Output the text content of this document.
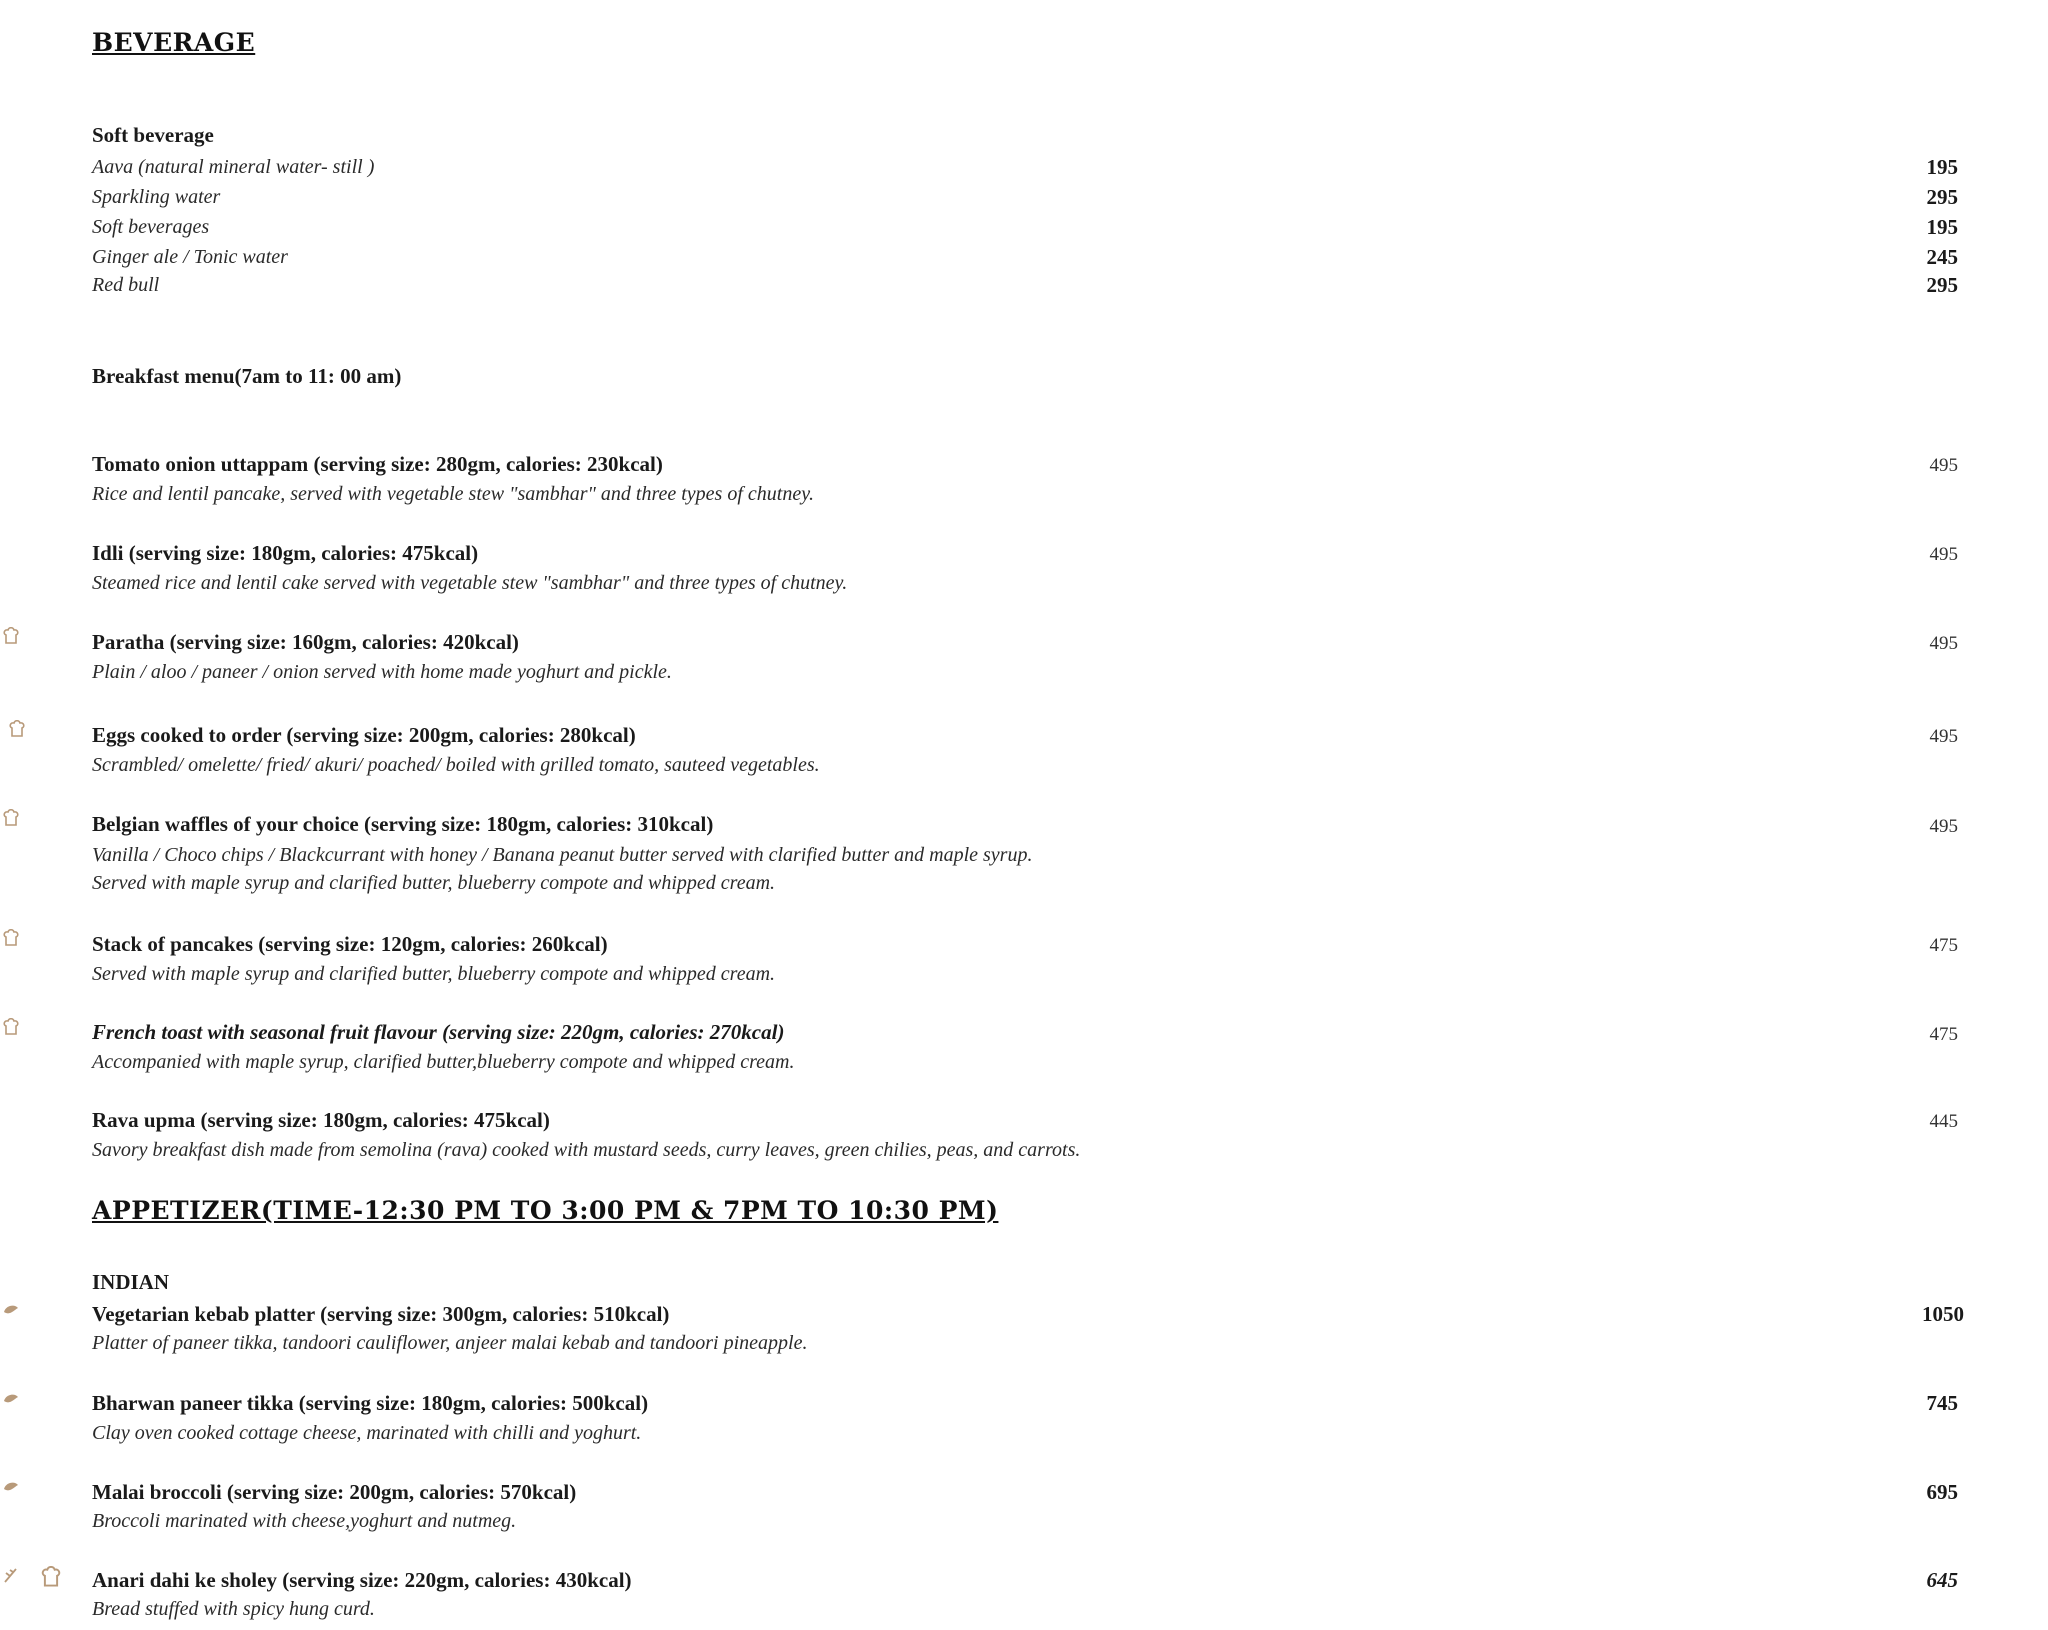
BEVERAGE
Soft beverage
Aava (natural mineral water- still )	195
Sparkling water	295
Soft beverages	195
Ginger ale / Tonic water	245
Red bull	295
Breakfast menu(7am to 11: 00 am)
Tomato onion uttappam (serving size: 280gm, calories: 230kcal)
Rice and lentil pancake, served with vegetable stew "sambhar" and three types of chutney.
495
Idli (serving size: 180gm, calories: 475kcal)
Steamed rice and lentil cake served with vegetable stew "sambhar" and three types of chutney.
495
Paratha (serving size: 160gm, calories: 420kcal)
Plain / aloo / paneer / onion served with home made yoghurt and pickle.
495
Eggs cooked to order (serving size: 200gm, calories: 280kcal)
Scrambled/ omelette/ fried/ akuri/ poached/ boiled with grilled tomato, sauteed vegetables.
495
Belgian waffles of your choice (serving size: 180gm, calories: 310kcal)
Vanilla / Choco chips / Blackcurrant with honey / Banana peanut butter served with clarified butter and maple syrup.
Served with maple syrup and clarified butter, blueberry compote and whipped cream.
495
Stack of pancakes (serving size: 120gm, calories: 260kcal)
Served with maple syrup and clarified butter, blueberry compote and whipped cream.
475
French toast with seasonal fruit flavour (serving size: 220gm, calories: 270kcal)
Accompanied with maple syrup, clarified butter,blueberry compote and whipped cream.
475
Rava upma (serving size: 180gm, calories: 475kcal)
Savory breakfast dish made from semolina (rava) cooked with mustard seeds, curry leaves, green chilies, peas, and carrots.
445
APPETIZER(TIME-12:30 PM TO 3:00 PM & 7PM TO 10:30 PM)
INDIAN
Vegetarian kebab platter (serving size: 300gm, calories: 510kcal)
Platter of paneer tikka, tandoori cauliflower, anjeer malai kebab and tandoori pineapple.
1050
Bharwan paneer tikka (serving size: 180gm, calories: 500kcal)
Clay oven cooked cottage cheese, marinated with chilli and yoghurt.
745
Malai broccoli (serving size: 200gm, calories: 570kcal)
Broccoli marinated with cheese,yoghurt and nutmeg.
695
Anari dahi ke sholey (serving size: 220gm, calories: 430kcal)
Bread stuffed with spicy hung curd.
645
